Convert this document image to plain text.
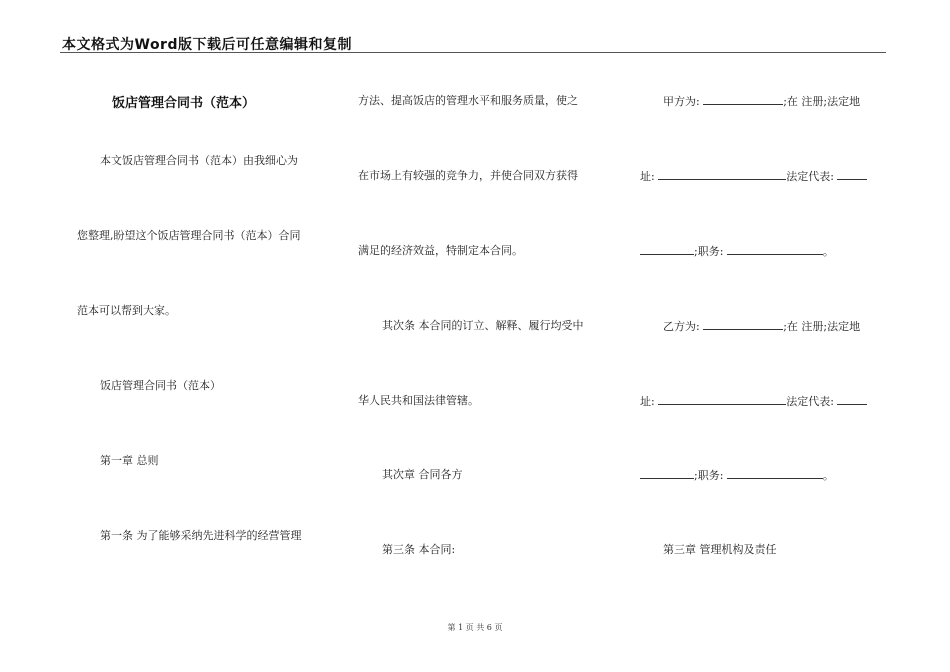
本文格式为Word版下载后可任意编辑和复制
饭店管理合同书（范本）
本文饭店管理合同书（范本）由我细心为
您整理,盼望这个饭店管理合同书（范本）合同
范本可以帮到大家。
饭店管理合同书（范本）
第一章 总则
第一条 为了能够采纳先进科学的经营管理
方法、提高饭店的管理水平和服务质量，使之
在市场上有较强的竞争力，并使合同双方获得
满足的经济效益，特制定本合同。
其次条 本合同的订立、解释、履行均受中
华人民共和国法律管辖。
其次章 合同各方
第三条 本合同:
甲方为:	;在 注册;法定地
址:	法定代表:
;职务:	。
乙方为:	;在 注册;法定地
址:	法定代表:
;职务:	。
第三章 管理机构及责任
第 1 页 共 6 页
